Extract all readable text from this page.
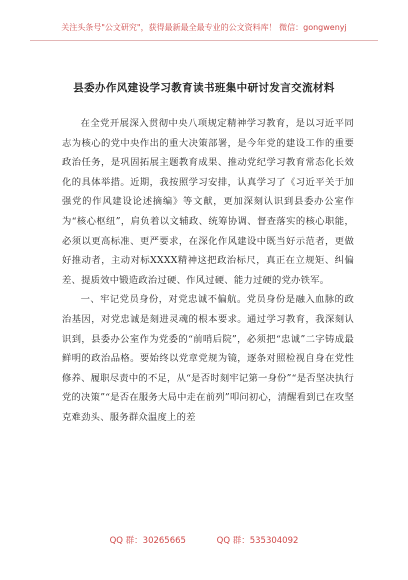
关注头条号"公文研究"，获得最新最全最专业的公文资料库！ 微信：gongwenyj
县委办作风建设学习教育读书班集中研讨发言交流材料

在全党开展深入贯彻中央八项规定精神学习教育，是以习近平同志为核心的党中央作出的重大决策部署，是今年党的建设工作的重要政治任务，是巩固拓展主题教育成果、推动党纪学习教育常态化长效化的具体举措。近期，我按照学习安排，认真学习了《习近平关于加强党的作风建设论述摘编》等文献，更加深刻认识到县委办公室作为“核心枢纽”，肩负着以文辅政、统筹协调、督查落实的核心职能，必须以更高标准、更严要求，在深化作风建设中既当好示范者，更做好推动者，主动对标XXXX精神这把政治标尺，真正在立规矩、纠偏差、提质效中锻造政治过硬、作风过硬、能力过硬的党办铁军。

一、牢记党员身份，对党忠诚不偏航。党员身份是融入血脉的政治基因，对党忠诚是刻进灵魂的根本要求。通过学习教育，我深刻认识到，县委办公室作为党委的“前哨后院”，必须把“忠诚”二字铸成最鲜明的政治品格。要始终以党章党规为镜，逐条对照检视自身在党性修养、履职尽责中的不足，从“是否时刻牢记第一身份”“是否坚决执行党的决策”“是否在服务大局中走在前列”叩问初心，清醒看到已在攻坚克难劲头、服务群众温度上的差

QQ 群：30265665	QQ 群：535304092
